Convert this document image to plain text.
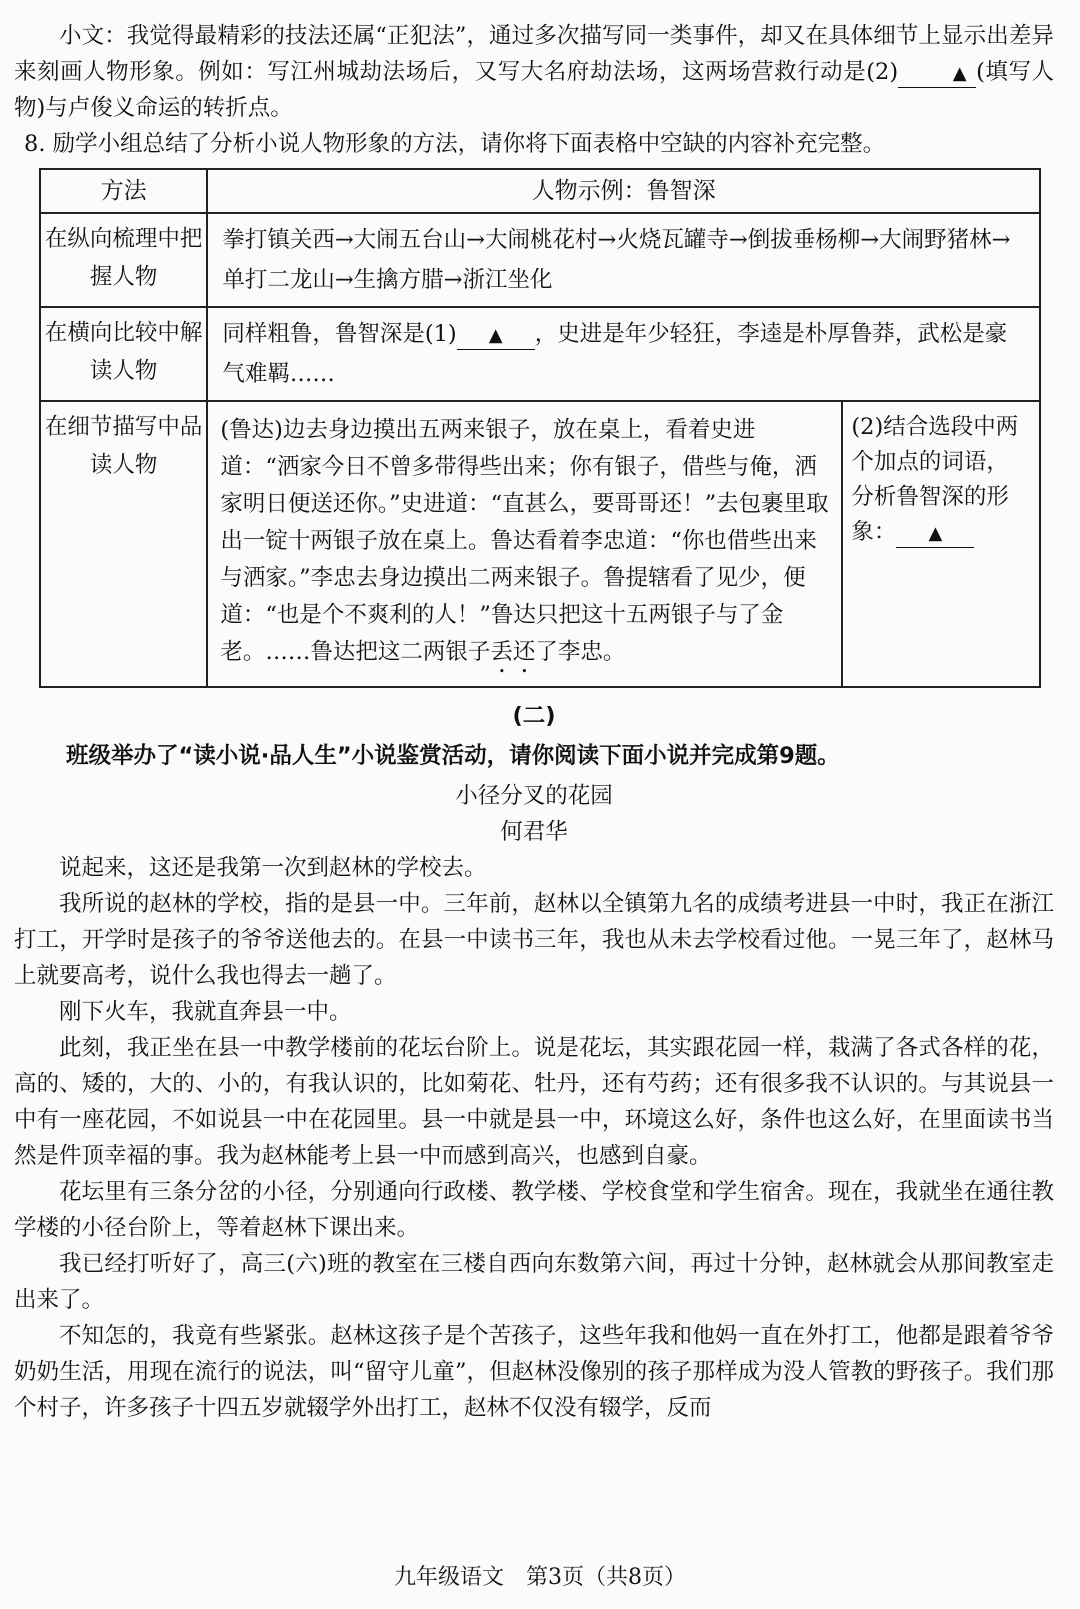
小文：我觉得最精彩的技法还属“正犯法”，通过多次描写同一类事件，却又在具体细节上显示出差异来刻画人物形象。例如：写江州城劫法场后，又写大名府劫法场，这两场营救行动是(2)	▲ (填写人物)与卢俊义命运的转折点。

8. 励学小组总结了分析小说人物形象的方法，请你将下面表格中空缺的内容补充完整。

方法	人物示例：鲁智深	
在纵向梳理中把握人物	拳打镇关西→大闹五台山→大闹桃花村→火烧瓦罐寺→倒拔垂杨柳→大闹野猪林→单打二龙山→生擒方腊→浙江坐化	
在横向比较中解读人物	同样粗鲁，鲁智深是(1) ▲ ，史进是年少轻狂，李逵是朴厚鲁莽，武松是豪气难羁……	
在细节描写中品读人物	(鲁达)边去身边摸出五两来银子，放在桌上，看着史进道：“洒家今日不曾多带得些出来；你有银子，借些与俺，洒家明日便送还你。”史进道：“直甚么，要哥哥还！”去包裹里取出一锭十两银子放在桌上。鲁达看着李忠道：“你也借些出来与洒家。”李忠去身边摸出二两来银子。鲁提辖看了见少，便道：“也是个不爽利的人！”鲁达只把这十五两银子与了金老。……鲁达把这二两银子丢还了李忠。	(2)结合选段中两个加点的词语，分析鲁智深的形象： ▲

(二)

班级举办了“读小说·品人生”小说鉴赏活动，请你阅读下面小说并完成第9题。

小径分叉的花园

何君华

说起来，这还是我第一次到赵林的学校去。

我所说的赵林的学校，指的是县一中。三年前，赵林以全镇第九名的成绩考进县一中时，我正在浙江打工，开学时是孩子的爷爷送他去的。在县一中读书三年，我也从未去学校看过他。一晃三年了，赵林马上就要高考，说什么我也得去一趟了。

刚下火车，我就直奔县一中。

此刻，我正坐在县一中教学楼前的花坛台阶上。说是花坛，其实跟花园一样，栽满了各式各样的花，高的、矮的，大的、小的，有我认识的，比如菊花、牡丹，还有芍药；还有很多我不认识的。与其说县一中有一座花园，不如说县一中在花园里。县一中就是县一中，环境这么好，条件也这么好，在里面读书当然是件顶幸福的事。我为赵林能考上县一中而感到高兴，也感到自豪。

花坛里有三条分岔的小径，分别通向行政楼、教学楼、学校食堂和学生宿舍。现在，我就坐在通往教学楼的小径台阶上，等着赵林下课出来。

我已经打听好了，高三(六)班的教室在三楼自西向东数第六间，再过十分钟，赵林就会从那间教室走出来了。

不知怎的，我竟有些紧张。赵林这孩子是个苦孩子，这些年我和他妈一直在外打工，他都是跟着爷爷奶奶生活，用现在流行的说法，叫“留守儿童”，但赵林没像别的孩子那样成为没人管教的野孩子。我们那个村子，许多孩子十四五岁就辍学外出打工，赵林不仅没有辍学，反而

九年级语文　第3页（共8页）
